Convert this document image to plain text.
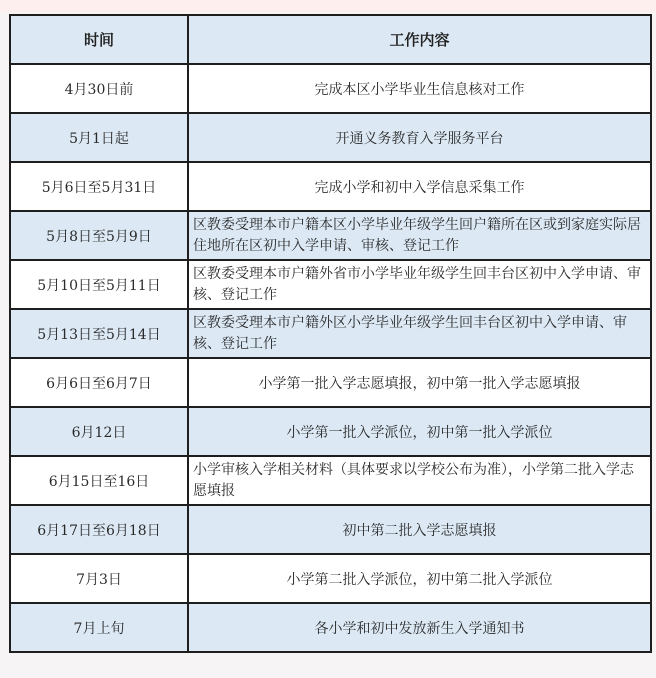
时间	工作内容
4月30日前	完成本区小学毕业生信息核对工作
5月1日起	开通义务教育入学服务平台
5月6日至5月31日	完成小学和初中入学信息采集工作
5月8日至5月9日	区教委受理本市户籍本区小学毕业年级学生回户籍所在区或到家庭实际居住地所在区初中入学申请、审核、登记工作
5月10日至5月11日	区教委受理本市户籍外省市小学毕业年级学生回丰台区初中入学申请、审核、登记工作
5月13日至5月14日	区教委受理本市户籍外区小学毕业年级学生回丰台区初中入学申请、审核、登记工作
6月6日至6月7日	小学第一批入学志愿填报，初中第一批入学志愿填报
6月12日	小学第一批入学派位，初中第一批入学派位
6月15日至16日	小学审核入学相关材料（具体要求以学校公布为准），小学第二批入学志愿填报
6月17日至6月18日	初中第二批入学志愿填报
7月3日	小学第二批入学派位，初中第二批入学派位
7月上旬	各小学和初中发放新生入学通知书
